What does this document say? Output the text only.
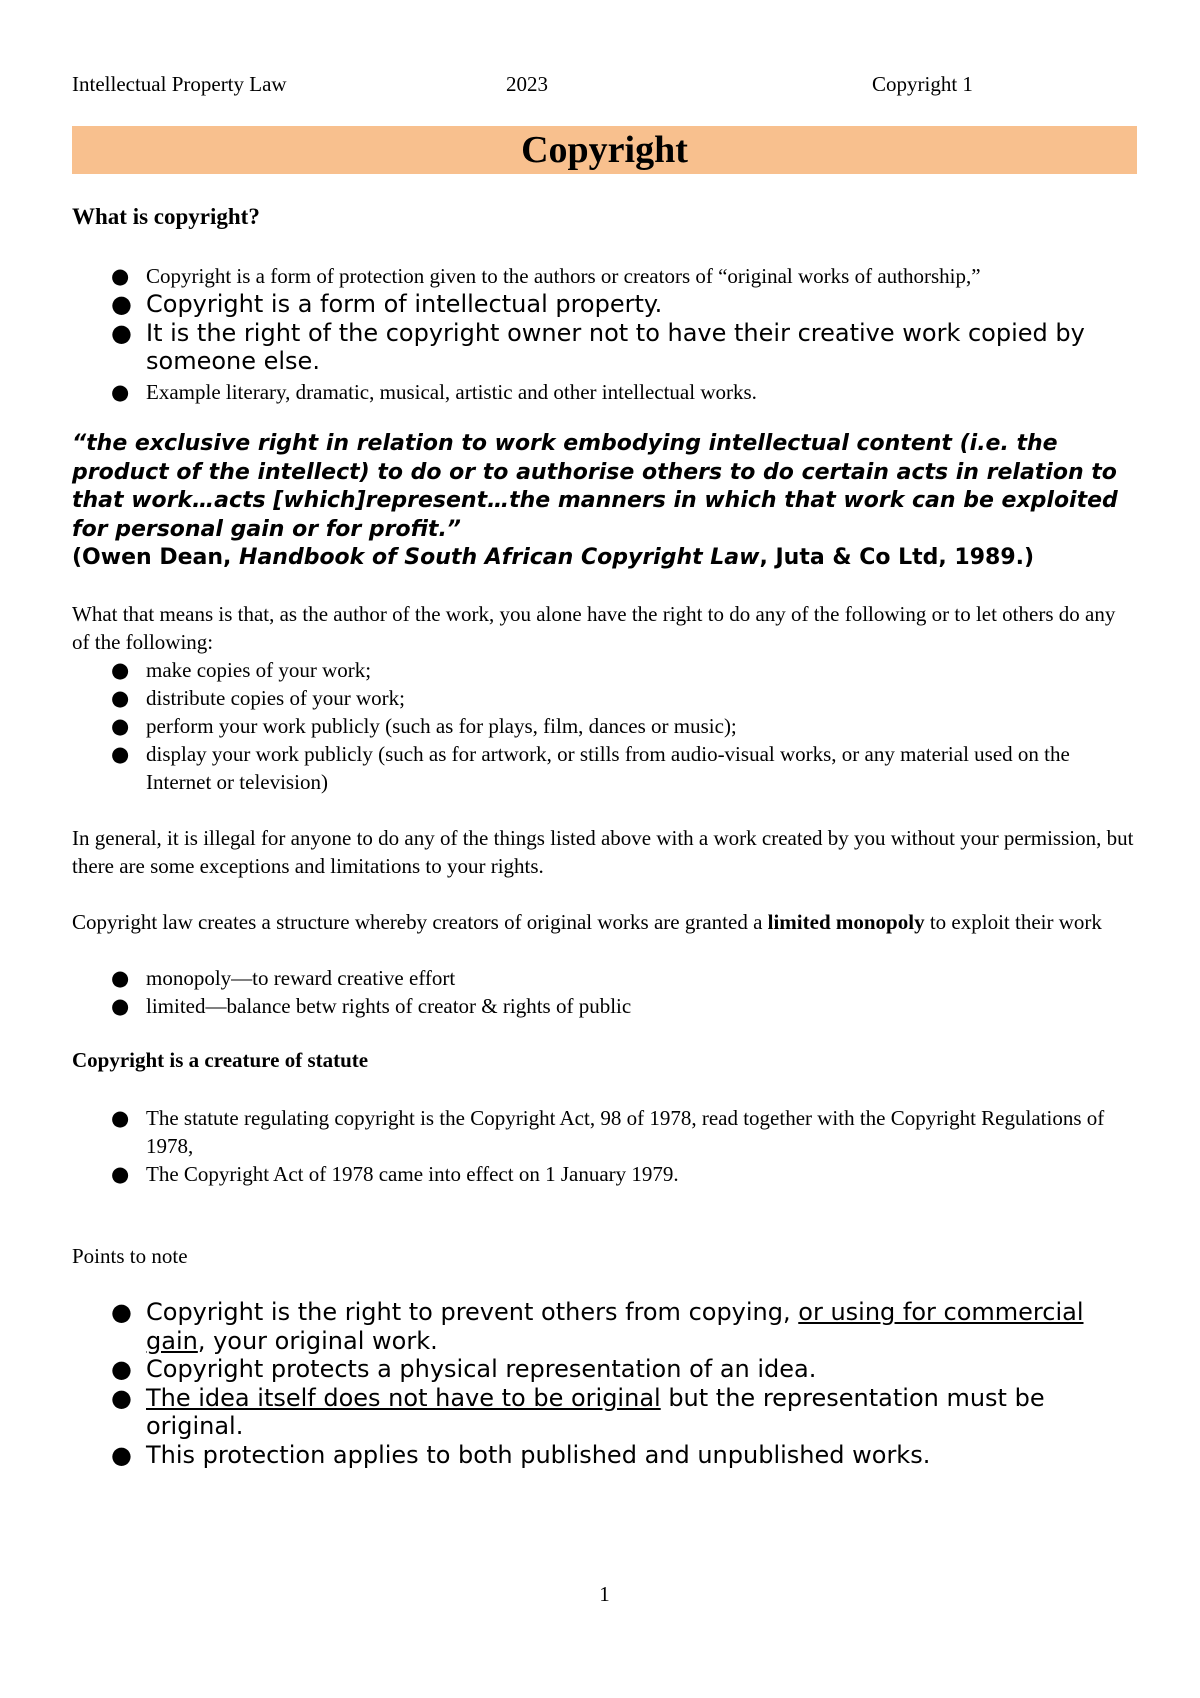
Intellectual Property Law	2023	Copyright 1
Copyright
What is copyright?
● Copyright is a form of protection given to the authors or creators of “original works of authorship,”
● Copyright is a form of intellectual property.
● It is the right of the copyright owner not to have their creative work copied by someone else.
● Example literary, dramatic, musical, artistic and other intellectual works.
“the exclusive right in relation to work embodying intellectual content (i.e. the product of the intellect) to do or to authorise others to do certain acts in relation to that work…acts [which]represent…the manners in which that work can be exploited for personal gain or for profit.”
(Owen Dean, Handbook of South African Copyright Law, Juta & Co Ltd, 1989.)

What that means is that, as the author of the work, you alone have the right to do any of the following or to let others do any of the following:

● make copies of your work;
● distribute copies of your work;
● perform your work publicly (such as for plays, film, dances or music);
● display your work publicly (such as for artwork, or stills from audio-visual works, or any material used on the Internet or television)

In general, it is illegal for anyone to do any of the things listed above with a work created by you without your permission, but there are some exceptions and limitations to your rights.

Copyright law creates a structure whereby creators of original works are granted a limited monopoly to exploit their work

● monopoly—to reward creative effort
● limited—balance betw rights of creator & rights of public
Copyright is a creature of statute
● The statute regulating copyright is the Copyright Act, 98 of 1978, read together with the Copyright Regulations of 1978,
● The Copyright Act of 1978 came into effect on 1 January 1979.
Points to note
● Copyright is the right to prevent others from copying, or using for commercial gain, your original work.
● Copyright protects a physical representation of an idea.
● The idea itself does not have to be original but the representation must be original.
● This protection applies to both published and unpublished works.
1
